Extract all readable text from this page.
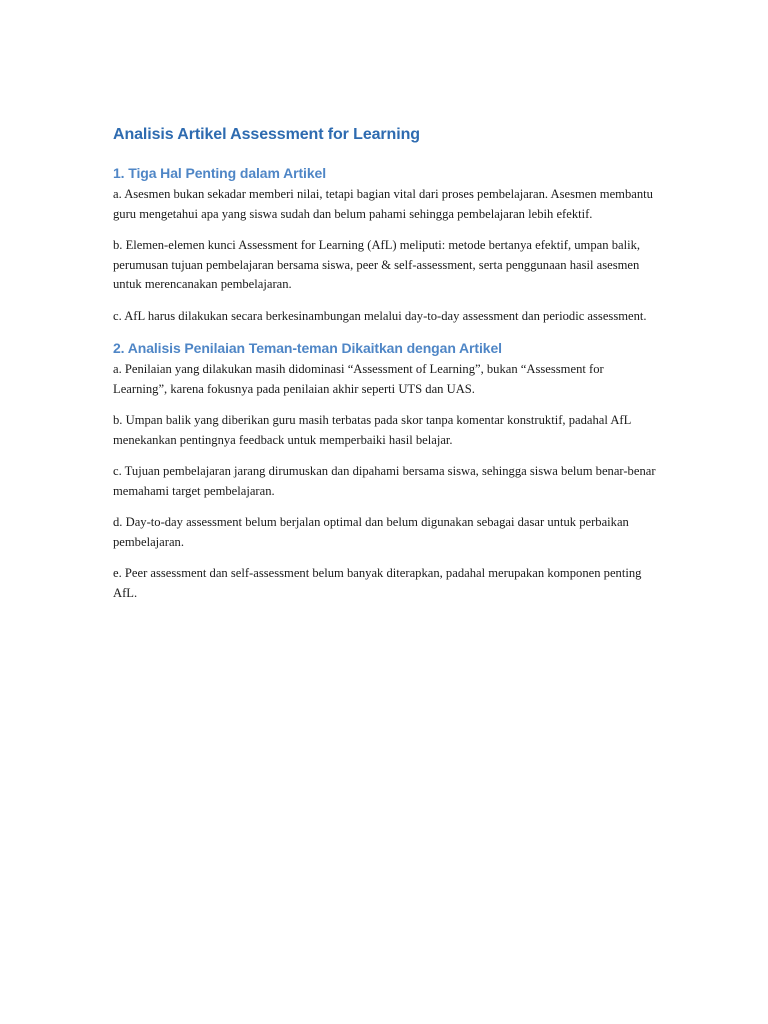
Analisis Artikel Assessment for Learning
1. Tiga Hal Penting dalam Artikel

a. Asesmen bukan sekadar memberi nilai, tetapi bagian vital dari proses pembelajaran. Asesmen membantu guru mengetahui apa yang siswa sudah dan belum pahami sehingga pembelajaran lebih efektif.

b. Elemen-elemen kunci Assessment for Learning (AfL) meliputi: metode bertanya efektif, umpan balik, perumusan tujuan pembelajaran bersama siswa, peer & self-assessment, serta penggunaan hasil asesmen untuk merencanakan pembelajaran.

c. AfL harus dilakukan secara berkesinambungan melalui day-to-day assessment dan periodic assessment.

2. Analisis Penilaian Teman-teman Dikaitkan dengan Artikel

a. Penilaian yang dilakukan masih didominasi “Assessment of Learning”, bukan “Assessment for Learning”, karena fokusnya pada penilaian akhir seperti UTS dan UAS.

b. Umpan balik yang diberikan guru masih terbatas pada skor tanpa komentar konstruktif, padahal AfL menekankan pentingnya feedback untuk memperbaiki hasil belajar.

c. Tujuan pembelajaran jarang dirumuskan dan dipahami bersama siswa, sehingga siswa belum benar-benar memahami target pembelajaran.

d. Day-to-day assessment belum berjalan optimal dan belum digunakan sebagai dasar untuk perbaikan pembelajaran.

e. Peer assessment dan self-assessment belum banyak diterapkan, padahal merupakan komponen penting AfL.
